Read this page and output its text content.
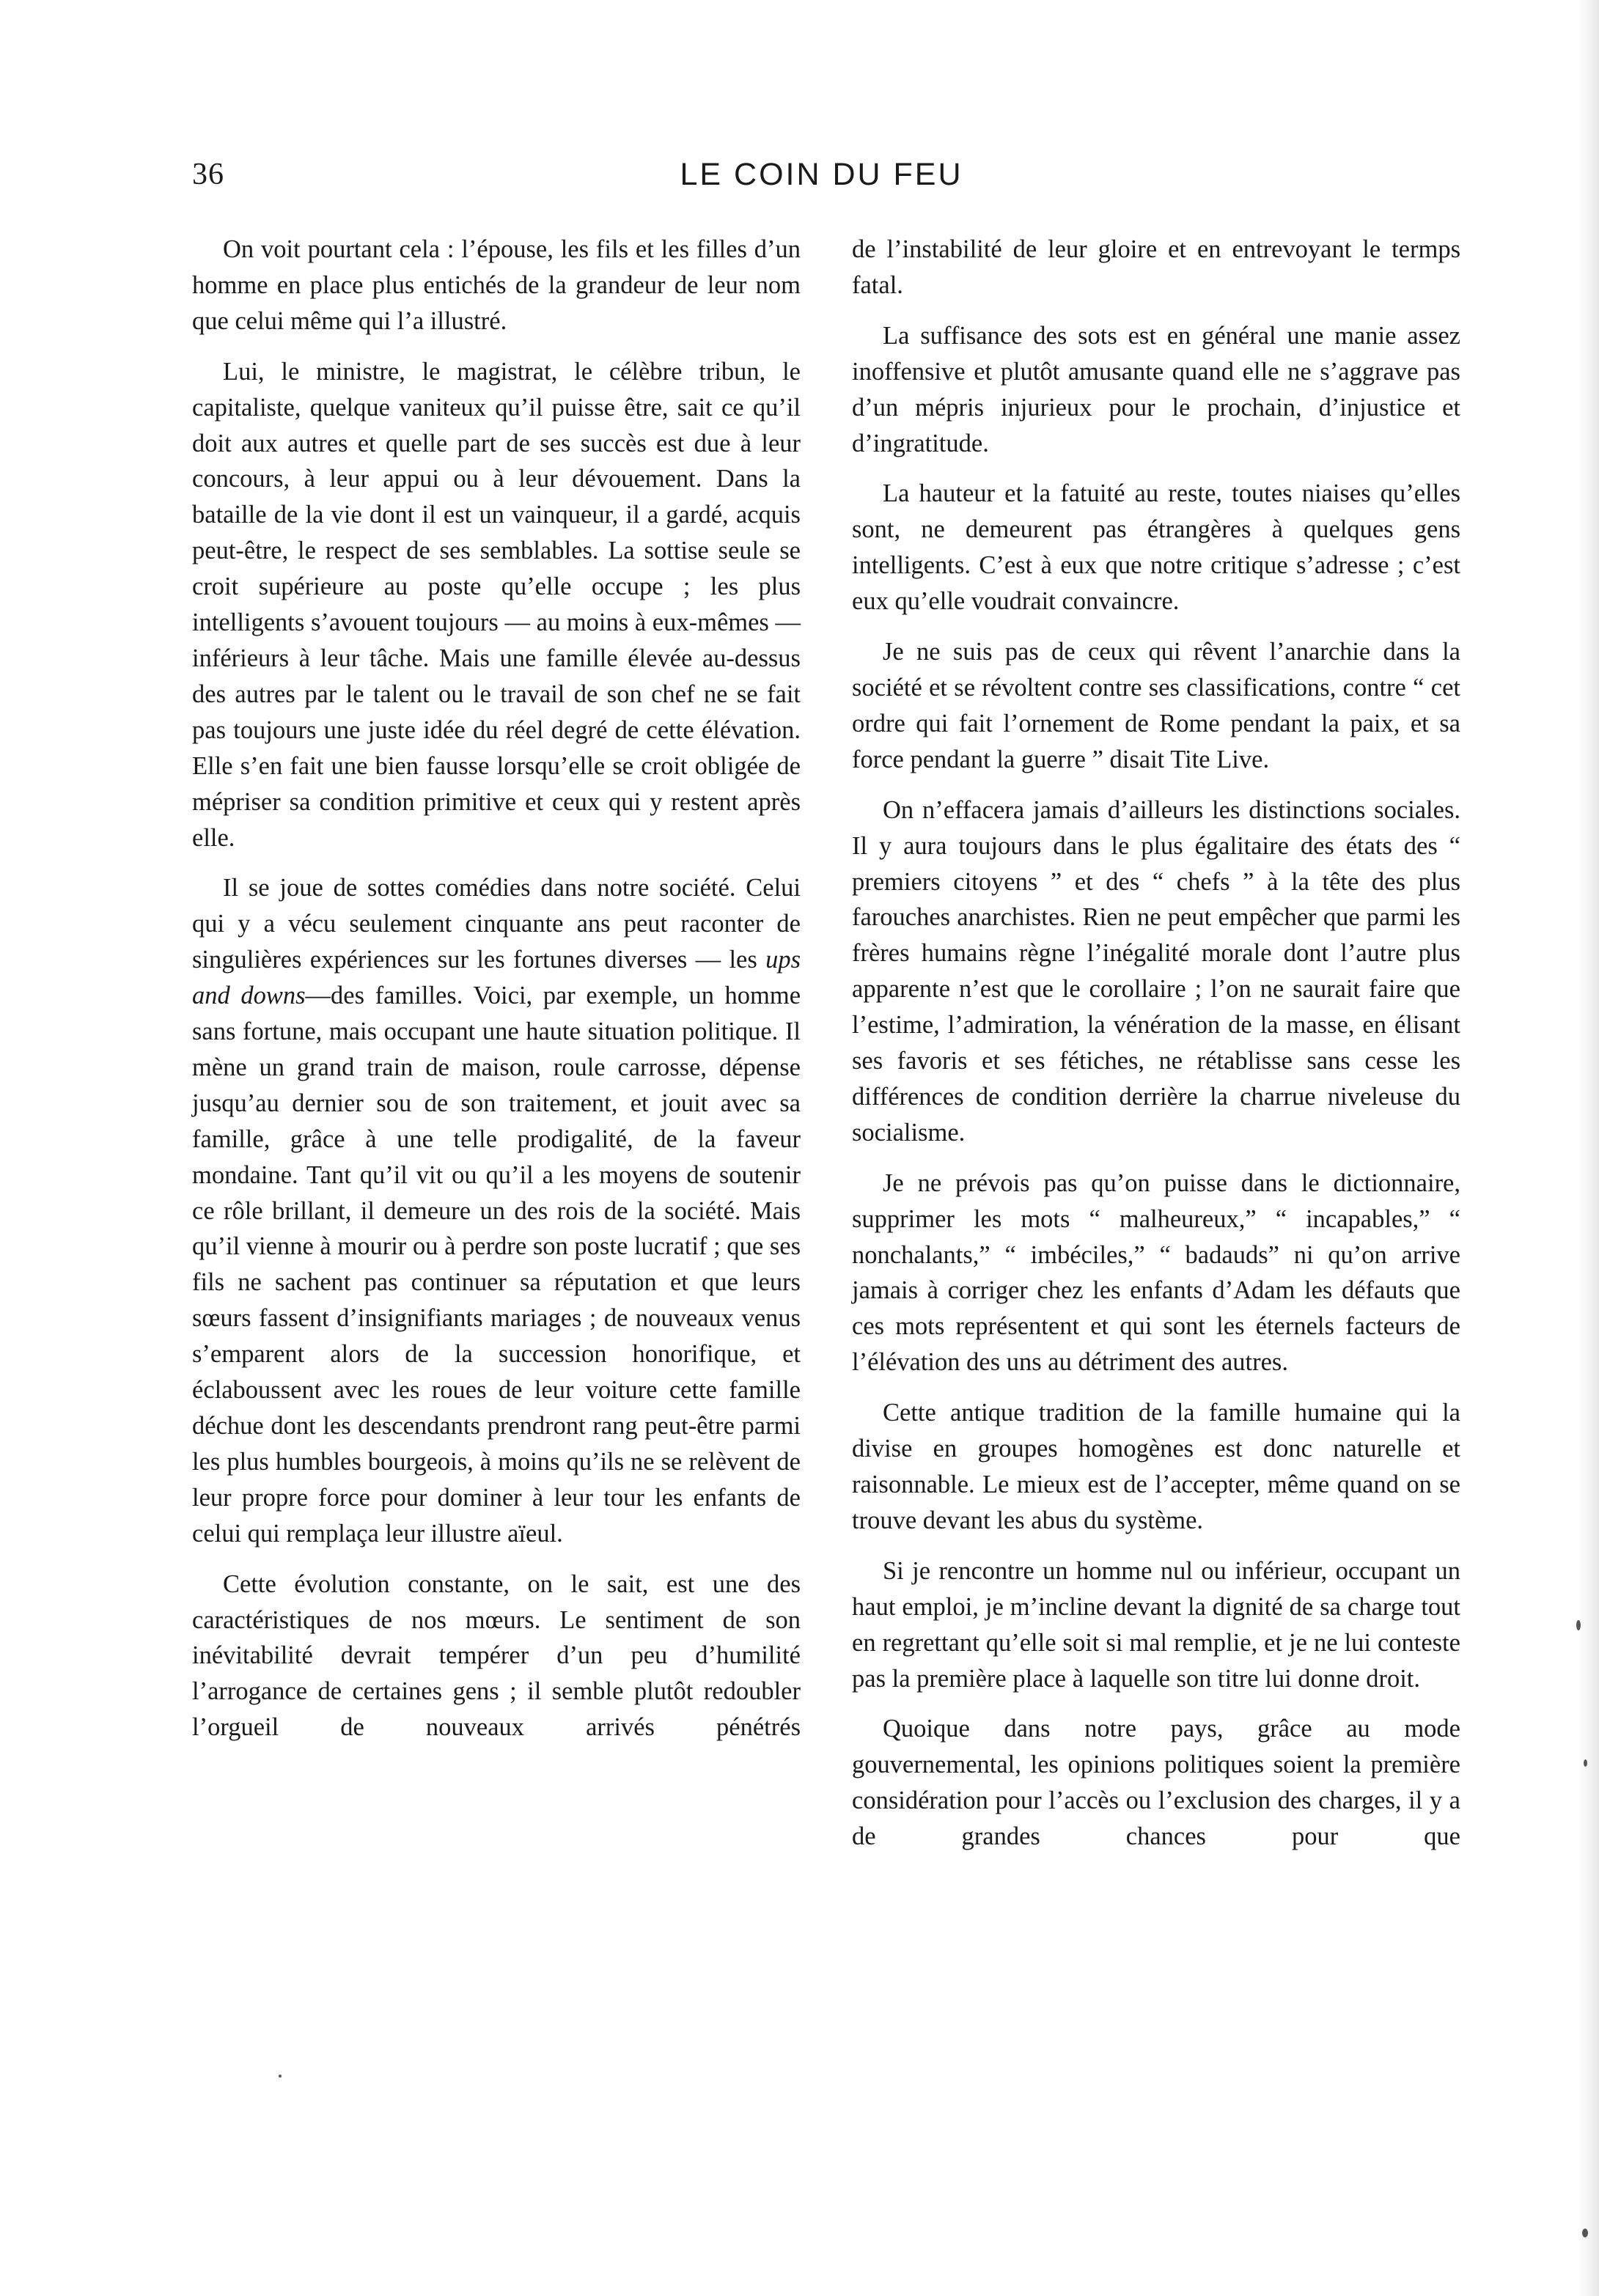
36	LE COIN DU FEU

On voit pourtant cela : l’épouse, les fils et les filles d’un homme en place plus entichés de la grandeur de leur nom que celui même qui l’a illustré.

Lui, le ministre, le magistrat, le célèbre tribun, le capitaliste, quelque vaniteux qu’il puisse être, sait ce qu’il doit aux autres et quelle part de ses succès est due à leur concours, à leur appui ou à leur dévouement. Dans la bataille de la vie dont il est un vainqueur, il a gardé, acquis peut-être, le respect de ses semblables. La sottise seule se croit supérieure au poste qu’elle occupe ; les plus intelligents s’avouent toujours — au moins à eux-mêmes — inférieurs à leur tâche. Mais une famille élevée au-dessus des autres par le talent ou le travail de son chef ne se fait pas toujours une juste idée du réel degré de cette élévation. Elle s’en fait une bien fausse lorsqu’elle se croit obligée de mépriser sa condition primitive et ceux qui y restent après elle.

Il se joue de sottes comédies dans notre société. Celui qui y a vécu seulement cinquante ans peut raconter de singulières expériences sur les fortunes diverses — les ups and downs—des familles. Voici, par exemple, un homme sans fortune, mais occupant une haute situation politique. Il mène un grand train de maison, roule carrosse, dépense jusqu’au dernier sou de son traitement, et jouit avec sa famille, grâce à une telle prodigalité, de la faveur mondaine. Tant qu’il vit ou qu’il a les moyens de soutenir ce rôle brillant, il demeure un des rois de la société. Mais qu’il vienne à mourir ou à perdre son poste lucratif ; que ses fils ne sachent pas continuer sa réputation et que leurs sœurs fassent d’insignifiants mariages ; de nouveaux venus s’emparent alors de la succession honorifique, et éclaboussent avec les roues de leur voiture cette famille déchue dont les descendants prendront rang peut-être parmi les plus humbles bourgeois, à moins qu’ils ne se relèvent de leur propre force pour dominer à leur tour les enfants de celui qui remplaça leur illustre aïeul.

Cette évolution constante, on le sait, est une des caractéristiques de nos mœurs. Le sentiment de son inévitabilité devrait tempérer d’un peu d’humilité l’arrogance de certaines gens ; il semble plutôt redoubler l’orgueil de nouveaux arrivés pénétrés

de l’instabilité de leur gloire et en entrevoyant le termps fatal.

La suffisance des sots est en général une manie assez inoffensive et plutôt amusante quand elle ne s’aggrave pas d’un mépris injurieux pour le prochain, d’injustice et d’ingratitude.

La hauteur et la fatuité au reste, toutes niaises qu’elles sont, ne demeurent pas étrangères à quelques gens intelligents. C’est à eux que notre critique s’adresse ; c’est eux qu’elle voudrait convaincre.

Je ne suis pas de ceux qui rêvent l’anarchie dans la société et se révoltent contre ses classifications, contre “ cet ordre qui fait l’ornement de Rome pendant la paix, et sa force pendant la guerre ” disait Tite Live.

On n’effacera jamais d’ailleurs les distinctions sociales. Il y aura toujours dans le plus égalitaire des états des “ premiers citoyens ” et des “ chefs ” à la tête des plus farouches anarchistes. Rien ne peut empêcher que parmi les frères humains règne l’inégalité morale dont l’autre plus apparente n’est que le corollaire ; l’on ne saurait faire que l’estime, l’admiration, la vénération de la masse, en élisant ses favoris et ses fétiches, ne rétablisse sans cesse les différences de condition derrière la charrue niveleuse du socialisme.

Je ne prévois pas qu’on puisse dans le dictionnaire, supprimer les mots “ malheureux,” “ incapables,” “ nonchalants,” “ imbéciles,” “ badauds” ni qu’on arrive jamais à corriger chez les enfants d’Adam les défauts que ces mots représentent et qui sont les éternels facteurs de l’élévation des uns au détriment des autres.

Cette antique tradition de la famille humaine qui la divise en groupes homogènes est donc naturelle et raisonnable. Le mieux est de l’accepter, même quand on se trouve devant les abus du système.

Si je rencontre un homme nul ou inférieur, occupant un haut emploi, je m’incline devant la dignité de sa charge tout en regrettant qu’elle soit si mal remplie, et je ne lui conteste pas la première place à laquelle son titre lui donne droit.

Quoique dans notre pays, grâce au mode gouvernemental, les opinions politiques soient la première considération pour l’accès ou l’exclusion des charges, il y a de grandes chances pour que
